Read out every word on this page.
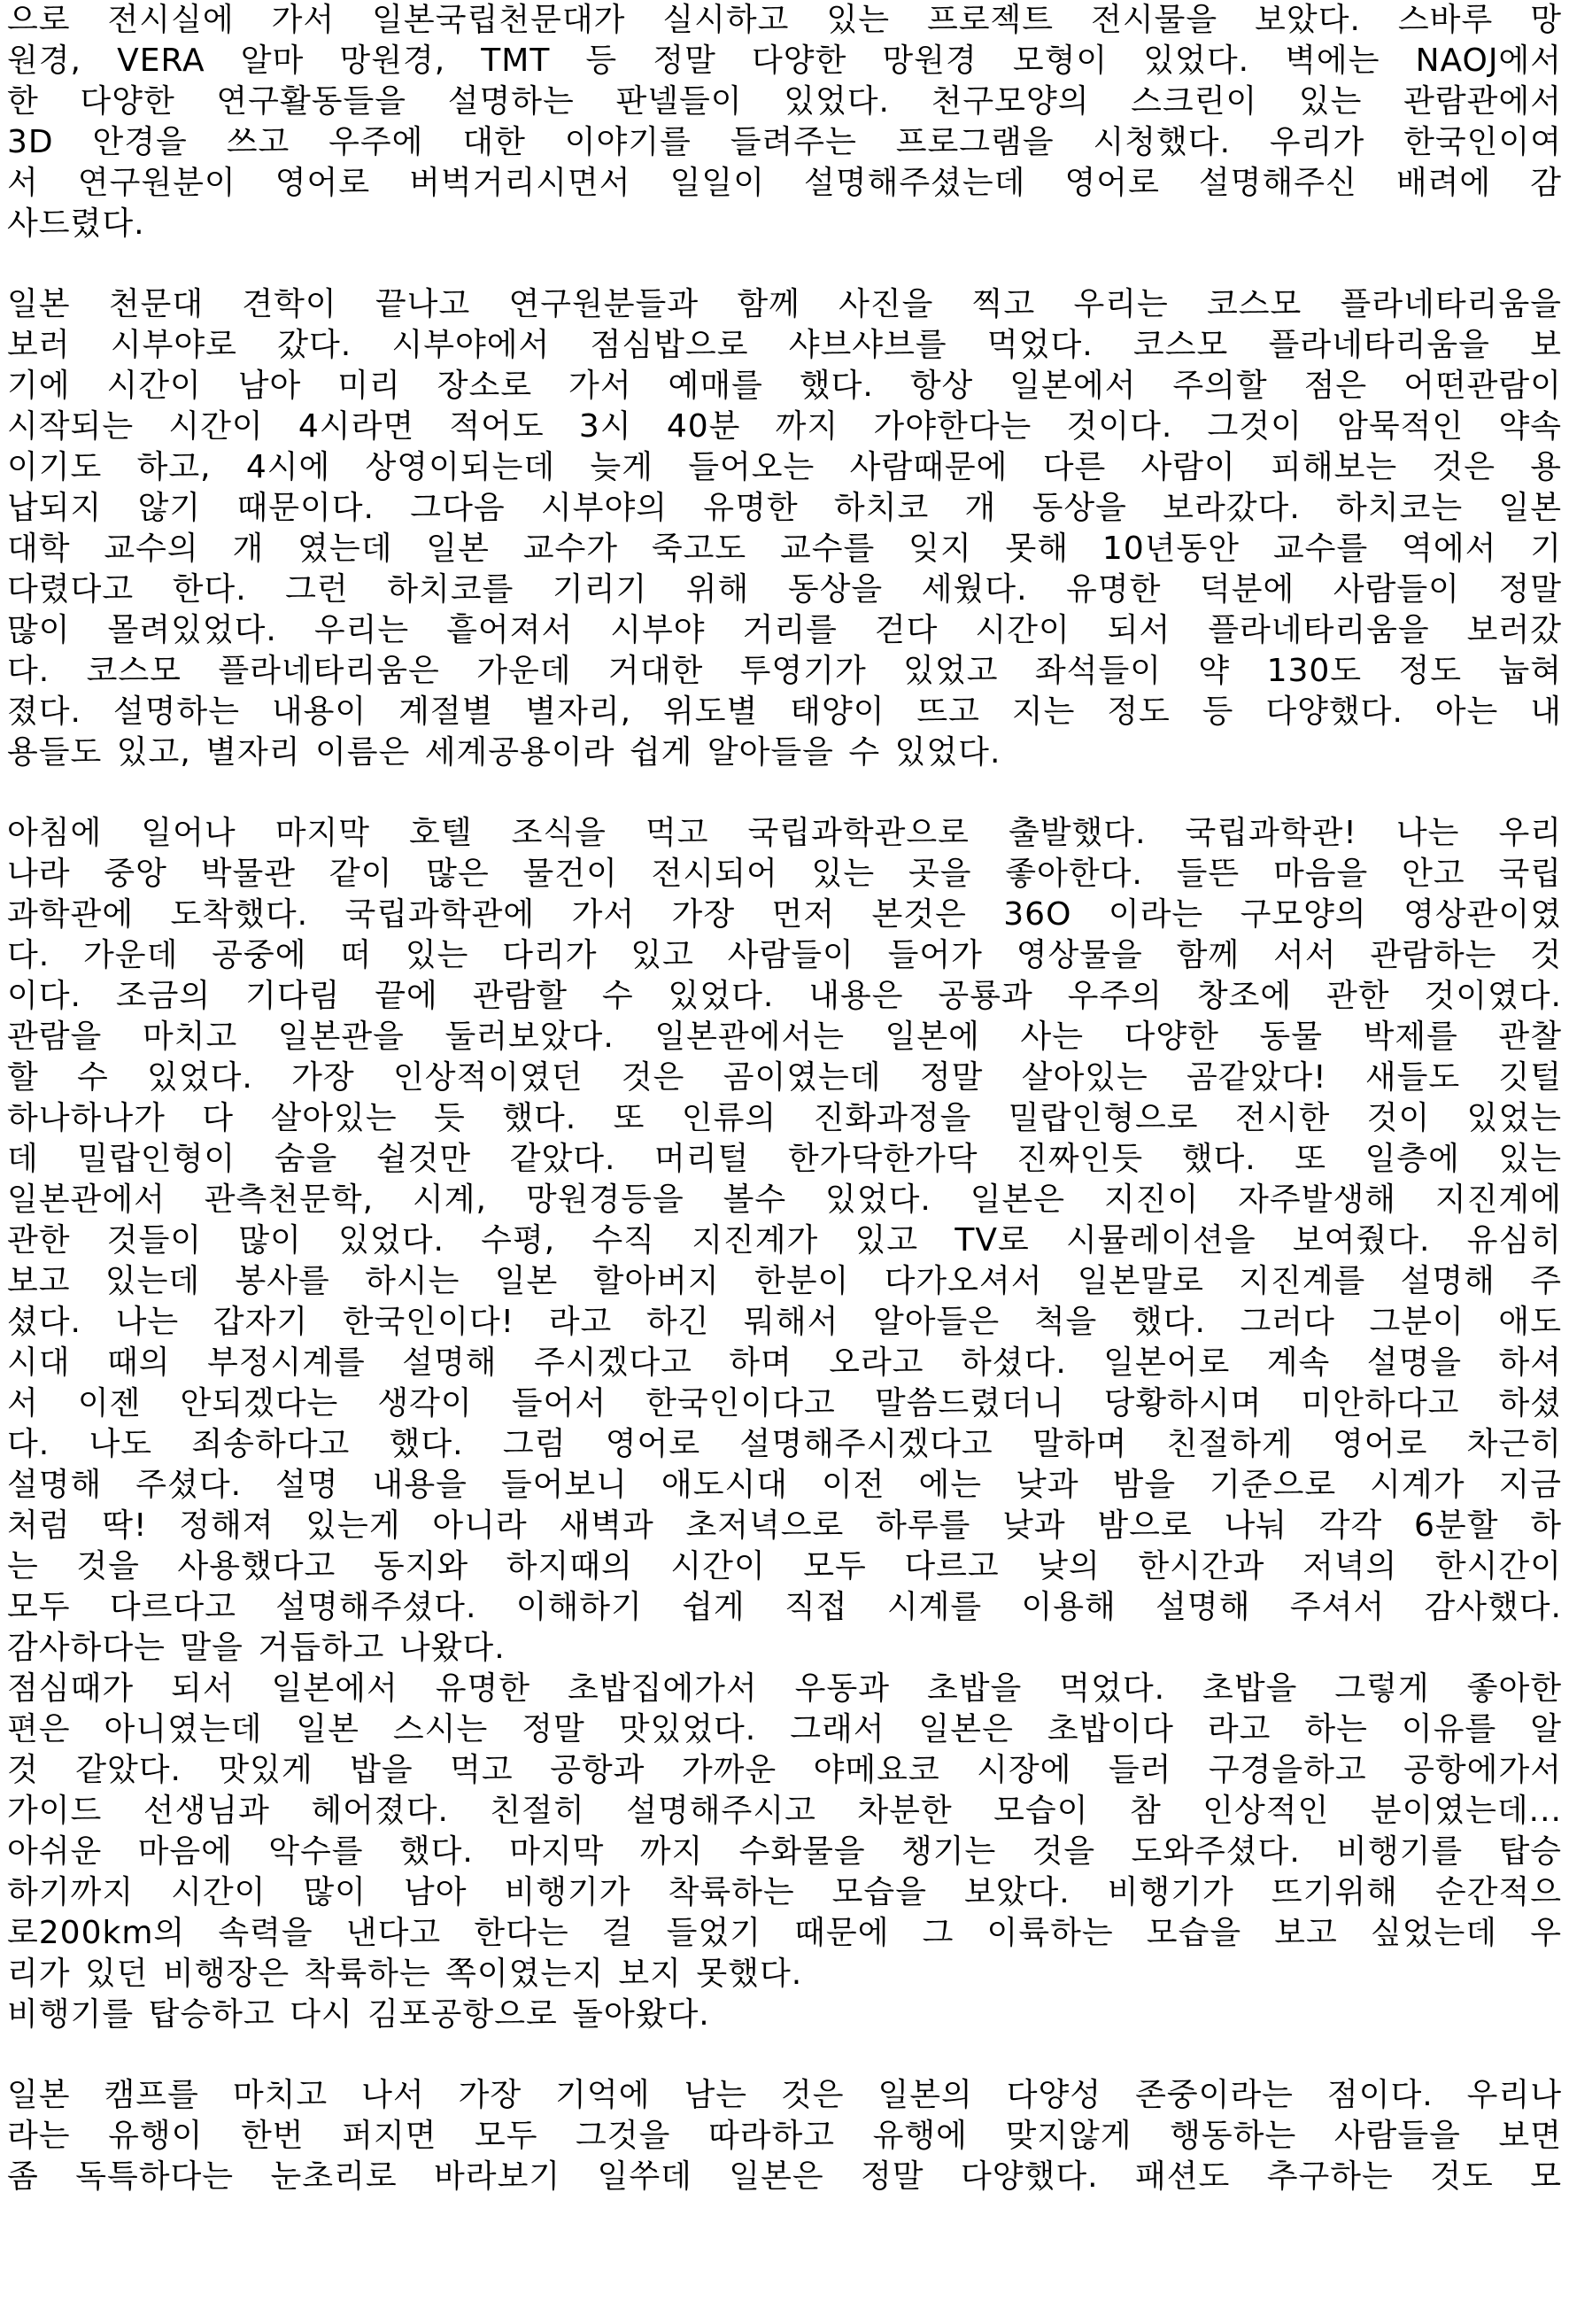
으로 전시실에 가서 일본국립천문대가 실시하고 있는 프로젝트 전시물을 보았다. 스바루 망
원경, VERA 알마 망원경, TMT 등 정말 다양한 망원경 모형이 있었다. 벽에는 NAOJ에서
한 다양한 연구활동들을 설명하는 판넬들이 있었다. 천구모양의 스크린이 있는 관람관에서
3D 안경을 쓰고 우주에 대한 이야기를 들려주는 프로그램을 시청했다. 우리가 한국인이여
서 연구원분이 영어로 버벅거리시면서 일일이 설명해주셨는데 영어로 설명해주신 배려에 감
사드렸다.
일본 천문대 견학이 끝나고 연구원분들과 함께 사진을 찍고 우리는 코스모 플라네타리움을
보러 시부야로 갔다. 시부야에서 점심밥으로 샤브샤브를 먹었다. 코스모 플라네타리움을 보
기에 시간이 남아 미리 장소로 가서 예매를 했다. 항상 일본에서 주의할 점은 어떤관람이
시작되는 시간이 4시라면 적어도 3시 40분 까지 가야한다는 것이다. 그것이 암묵적인 약속
이기도 하고, 4시에 상영이되는데 늦게 들어오는 사람때문에 다른 사람이 피해보는 것은 용
납되지 않기 때문이다. 그다음 시부야의 유명한 하치코 개 동상을 보라갔다. 하치코는 일본
대학 교수의 개 였는데 일본 교수가 죽고도 교수를 잊지 못해 10년동안 교수를 역에서 기
다렸다고 한다. 그런 하치코를 기리기 위해 동상을 세웠다. 유명한 덕분에 사람들이 정말
많이 몰려있었다. 우리는 흩어져서 시부야 거리를 걷다 시간이 되서 플라네타리움을 보러갔
다. 코스모 플라네타리움은 가운데 거대한 투영기가 있었고 좌석들이 약 130도 정도 눕혀
졌다. 설명하는 내용이 계절별 별자리, 위도별 태양이 뜨고 지는 정도 등 다양했다. 아는 내
용들도 있고, 별자리 이름은 세계공용이라 쉽게 알아들을 수 있었다.
아침에 일어나 마지막 호텔 조식을 먹고 국립과학관으로 출발했다. 국립과학관! 나는 우리
나라 중앙 박물관 같이 많은 물건이 전시되어 있는 곳을 좋아한다. 들뜬 마음을 안고 국립
과학관에 도착했다. 국립과학관에 가서 가장 먼저 본것은 36O 이라는 구모양의 영상관이였
다. 가운데 공중에 떠 있는 다리가 있고 사람들이 들어가 영상물을 함께 서서 관람하는 것
이다. 조금의 기다림 끝에 관람할 수 있었다. 내용은 공룡과 우주의 창조에 관한 것이였다.
관람을 마치고 일본관을 둘러보았다. 일본관에서는 일본에 사는 다양한 동물 박제를 관찰
할 수 있었다. 가장 인상적이였던 것은 곰이였는데 정말 살아있는 곰같았다! 새들도 깃털
하나하나가 다 살아있는 듯 했다. 또 인류의 진화과정을 밀랍인형으로 전시한 것이 있었는
데 밀랍인형이 숨을 쉴것만 같았다. 머리털 한가닥한가닥 진짜인듯 했다. 또 일층에 있는
일본관에서 관측천문학, 시계, 망원경등을 볼수 있었다. 일본은 지진이 자주발생해 지진계에
관한 것들이 많이 있었다. 수평, 수직 지진계가 있고 TV로 시뮬레이션을 보여줬다. 유심히
보고 있는데 봉사를 하시는 일본 할아버지 한분이 다가오셔서 일본말로 지진계를 설명해 주
셨다. 나는 갑자기 한국인이다! 라고 하긴 뭐해서 알아들은 척을 했다. 그러다 그분이 애도
시대 때의 부정시계를 설명해 주시겠다고 하며 오라고 하셨다. 일본어로 계속 설명을 하셔
서 이젠 안되겠다는 생각이 들어서 한국인이다고 말씀드렸더니 당황하시며 미안하다고 하셨
다. 나도 죄송하다고 했다. 그럼 영어로 설명해주시겠다고 말하며 친절하게 영어로 차근히
설명해 주셨다. 설명 내용을 들어보니 애도시대 이전 에는 낮과 밤을 기준으로 시계가 지금
처럼 딱! 정해져 있는게 아니라 새벽과 초저녁으로 하루를 낮과 밤으로 나눠 각각 6분할 하
는 것을 사용했다고 동지와 하지때의 시간이 모두 다르고 낮의 한시간과 저녁의 한시간이
모두 다르다고 설명해주셨다. 이해하기 쉽게 직접 시계를 이용해 설명해 주셔서 감사했다.
감사하다는 말을 거듭하고 나왔다.
점심때가 되서 일본에서 유명한 초밥집에가서 우동과 초밥을 먹었다. 초밥을 그렇게 좋아한
편은 아니였는데 일본 스시는 정말 맛있었다. 그래서 일본은 초밥이다 라고 하는 이유를 알
것 같았다. 맛있게 밥을 먹고 공항과 가까운 야메요코 시장에 들러 구경을하고 공항에가서
가이드 선생님과 헤어졌다. 친절히 설명해주시고 차분한 모습이 참 인상적인 분이였는데...
아쉬운 마음에 악수를 했다. 마지막 까지 수화물을 챙기는 것을 도와주셨다. 비행기를 탑승
하기까지 시간이 많이 남아 비행기가 착륙하는 모습을 보았다. 비행기가 뜨기위해 순간적으
로200km의 속력을 낸다고 한다는 걸 들었기 때문에 그 이륙하는 모습을 보고 싶었는데 우
리가 있던 비행장은 착륙하는 쪽이였는지 보지 못했다.
비행기를 탑승하고 다시 김포공항으로 돌아왔다.
일본 캠프를 마치고 나서 가장 기억에 남는 것은 일본의 다양성 존중이라는 점이다. 우리나
라는 유행이 한번 퍼지면 모두 그것을 따라하고 유행에 맞지않게 행동하는 사람들을 보면
좀 독특하다는 눈초리로 바라보기 일쑤데 일본은 정말 다양했다. 패션도 추구하는 것도 모
